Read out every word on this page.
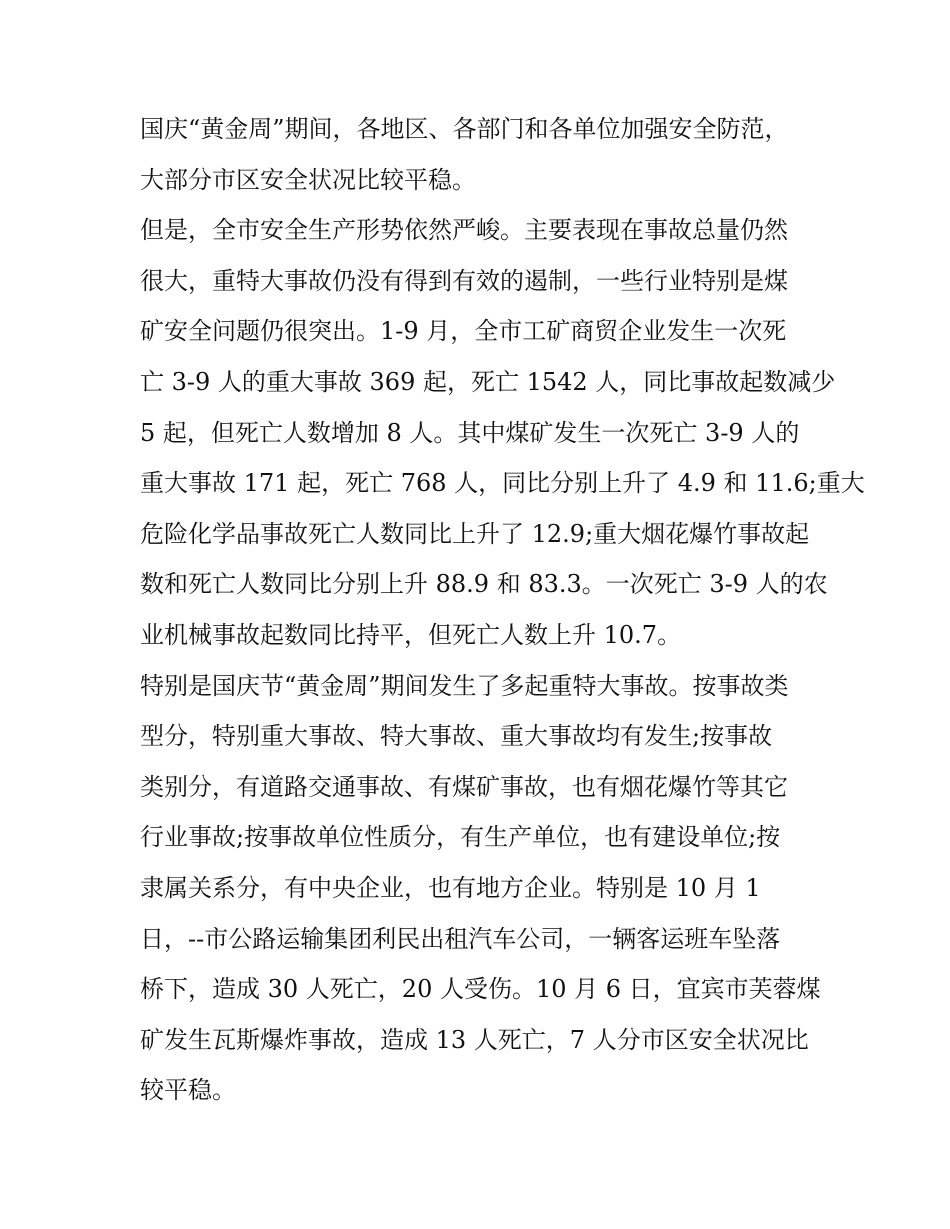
国庆“黄金周”期间，各地区、各部门和各单位加强安全防范，
大部分市区安全状况比较平稳。
但是，全市安全生产形势依然严峻。主要表现在事故总量仍然
很大，重特大事故仍没有得到有效的遏制，一些行业特别是煤
矿安全问题仍很突出。1-9 月，全市工矿商贸企业发生一次死
亡 3-9 人的重大事故 369 起，死亡 1542 人，同比事故起数减少
5 起，但死亡人数增加 8 人。其中煤矿发生一次死亡 3-9 人的
重大事故 171 起，死亡 768 人，同比分别上升了 4.9 和 11.6;重大
危险化学品事故死亡人数同比上升了 12.9;重大烟花爆竹事故起
数和死亡人数同比分别上升 88.9 和 83.3。一次死亡 3-9 人的农
业机械事故起数同比持平，但死亡人数上升 10.7。
特别是国庆节“黄金周”期间发生了多起重特大事故。按事故类
型分，特别重大事故、特大事故、重大事故均有发生;按事故
类别分，有道路交通事故、有煤矿事故，也有烟花爆竹等其它
行业事故;按事故单位性质分，有生产单位，也有建设单位;按
隶属关系分，有中央企业，也有地方企业。特别是 10 月 1
日，--市公路运输集团利民出租汽车公司，一辆客运班车坠落
桥下，造成 30 人死亡，20 人受伤。10 月 6 日，宜宾市芙蓉煤
矿发生瓦斯爆炸事故，造成 13 人死亡，7 人分市区安全状况比
较平稳。
